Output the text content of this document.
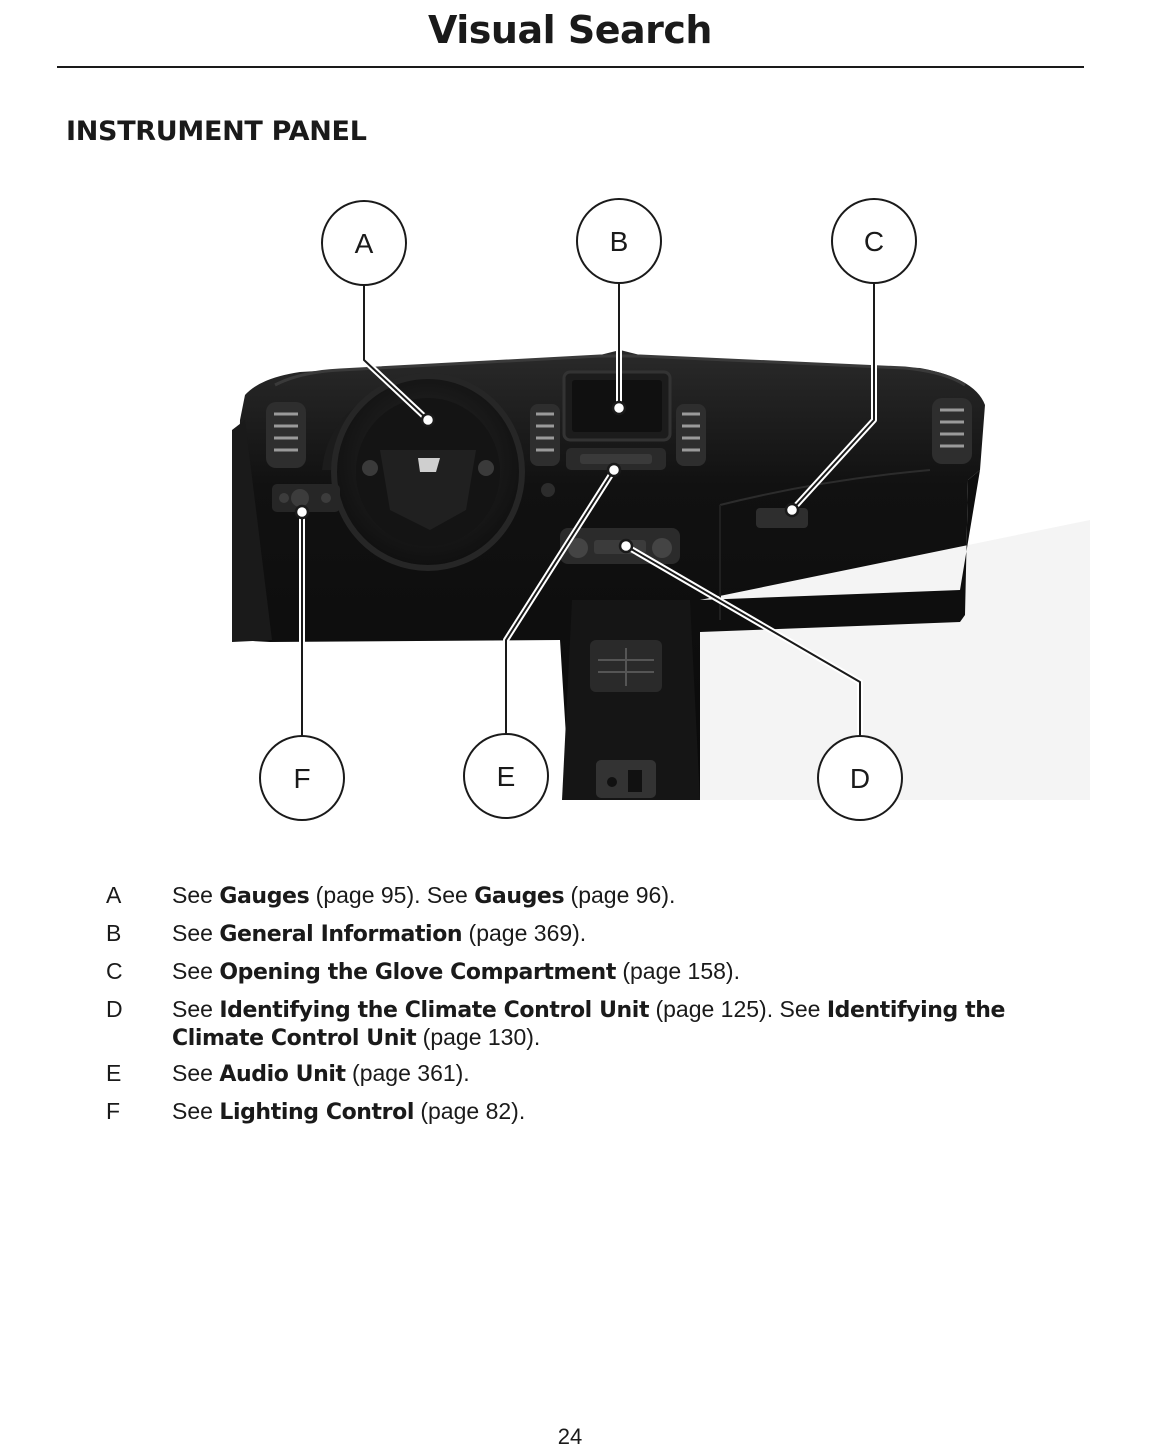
Visual Search
INSTRUMENT PANEL
A	B	C
D
E
F
A	See Gauges (page 95). See Gauges (page 96).
B	See General Information (page 369).
C	See Opening the Glove Compartment (page 158).
D	See Identifying the Climate Control Unit (page 125). See Identifying the Climate Control Unit (page 130).
E	See Audio Unit (page 361).
F	See Lighting Control (page 82).
24
